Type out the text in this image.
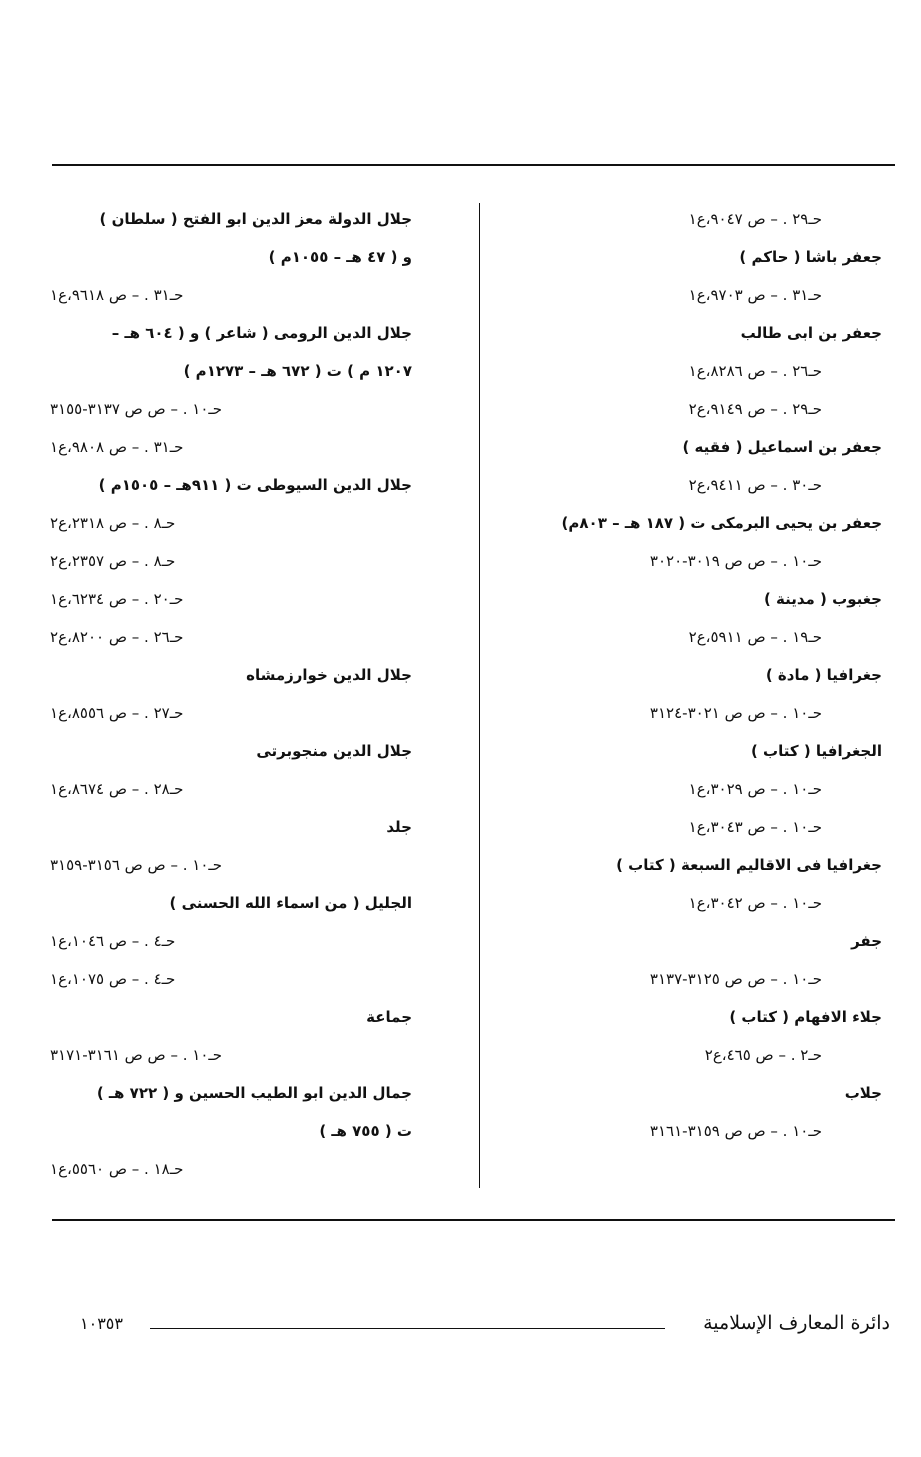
حـ٢٩ . – ص ٩٠٤٧،ع١
جعفر باشا ( حاكم )
حـ٣١ . – ص ٩٧٠٣،ع١
جعفر بن ابى طالب
حـ٢٦ . – ص ٨٢٨٦،ع١
حـ٢٩ . – ص ٩١٤٩،ع٢
جعفر بن اسماعيل ( فقيه )
حـ٣٠ . – ص ٩٤١١،ع٢
جعفر بن يحيى البرمكى ت ( ١٨٧ هـ – ٨٠٣م)
حـ١٠ . – ص ص ٣٠١٩-٣٠٢٠
جغبوب ( مدينة )
حـ١٩ . – ص ٥٩١١،ع٢
جغرافيا ( مادة )
حـ١٠ . – ص ص ٣٠٢١-٣١٢٤
الجغرافيا ( كتاب )
حـ١٠ . – ص ٣٠٢٩،ع١
حـ١٠ . – ص ٣٠٤٣،ع١
جغرافيا فى الاقاليم السبعة ( كتاب )
حـ١٠ . – ص ٣٠٤٢،ع١
جفر
حـ١٠ . – ص ص ٣١٢٥-٣١٣٧
جلاء الافهام ( كتاب )
حـ٢ . – ص ٤٦٥،ع٢
جلاب
حـ١٠ . – ص ص ٣١٥٩-٣١٦١
جلال الدولة معز الدين ابو الفتح ( سلطان )
و ( ٤٧ هـ – ١٠٥٥م )
حـ٣١ . – ص ٩٦١٨،ع١
جلال الدين الرومى ( شاعر ) و ( ٦٠٤ هـ –
١٢٠٧ م ) ت ( ٦٧٢ هـ – ١٢٧٣م )
حـ١٠ . – ص ص ٣١٣٧-٣١٥٥
حـ٣١ . – ص ٩٨٠٨،ع١
جلال الدين السيوطى ت ( ٩١١هـ – ١٥٠٥م )
حـ٨ . – ص ٢٣١٨،ع٢
حـ٨ . – ص ٢٣٥٧،ع٢
حـ٢٠ . – ص ٦٢٣٤،ع١
حـ٢٦ . – ص ٨٢٠٠،ع٢
جلال الدين خوارزمشاه
حـ٢٧ . – ص ٨٥٥٦،ع١
جلال الدين منجوبرتى
حـ٢٨ . – ص ٨٦٧٤،ع١
جلد
حـ١٠ . – ص ص ٣١٥٦-٣١٥٩
الجليل ( من اسماء الله الحسنى )
حـ٤ . – ص ١٠٤٦،ع١
حـ٤ . – ص ١٠٧٥،ع١
جماعة
حـ١٠ . – ص ص ٣١٦١-٣١٧١
جمال الدين ابو الطيب الحسين و ( ٧٢٢ هـ )
ت ( ٧٥٥ هـ )
حـ١٨ . – ص ٥٥٦٠،ع١
دائرة المعارف الإسلامية
١٠٣٥٣
